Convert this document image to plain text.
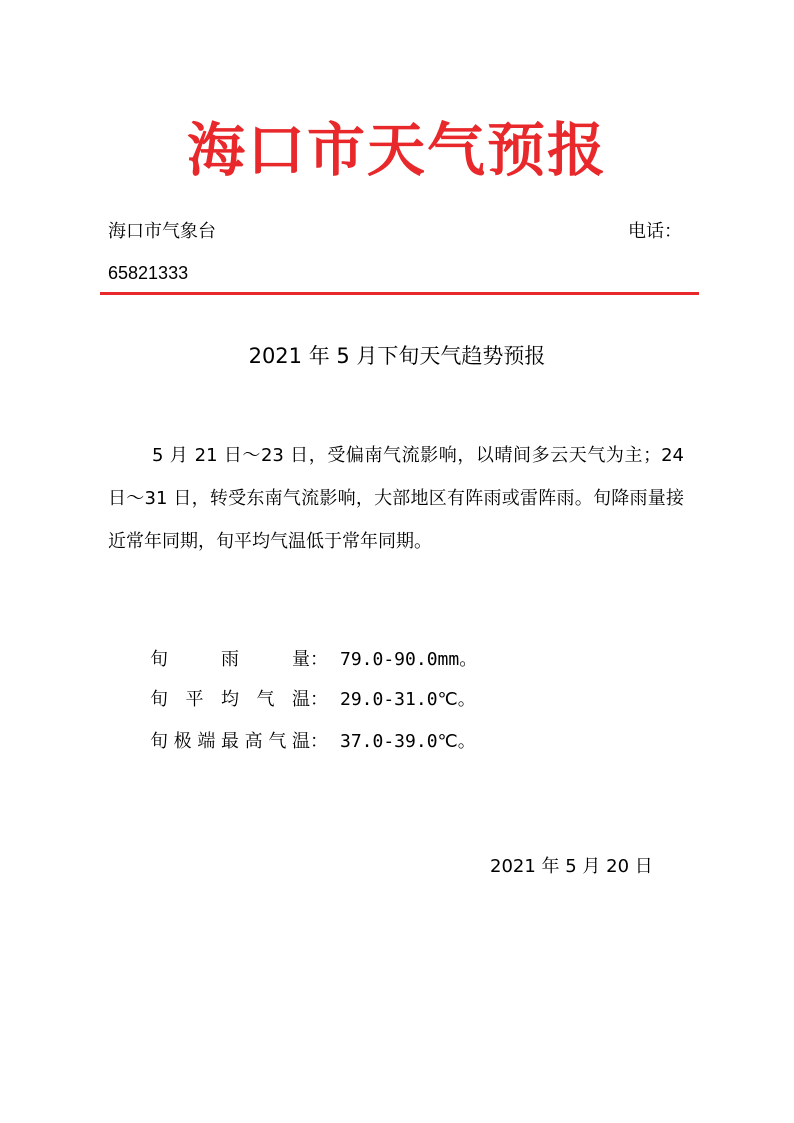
海口市天气预报
海口市气象台	电话：
65821333
2021 年 5 月下旬天气趋势预报

5 月 21 日～23 日，受偏南气流影响，以晴间多云天气为主；24 日～31 日，转受东南气流影响，大部地区有阵雨或雷阵雨。旬降雨量接近常年同期，旬平均气温低于常年同期。

旬雨量： 79.0-90.0mm。
旬平均气温： 29.0-31.0℃。
旬极端最高气温： 37.0-39.0℃。
2021 年 5 月 20 日
